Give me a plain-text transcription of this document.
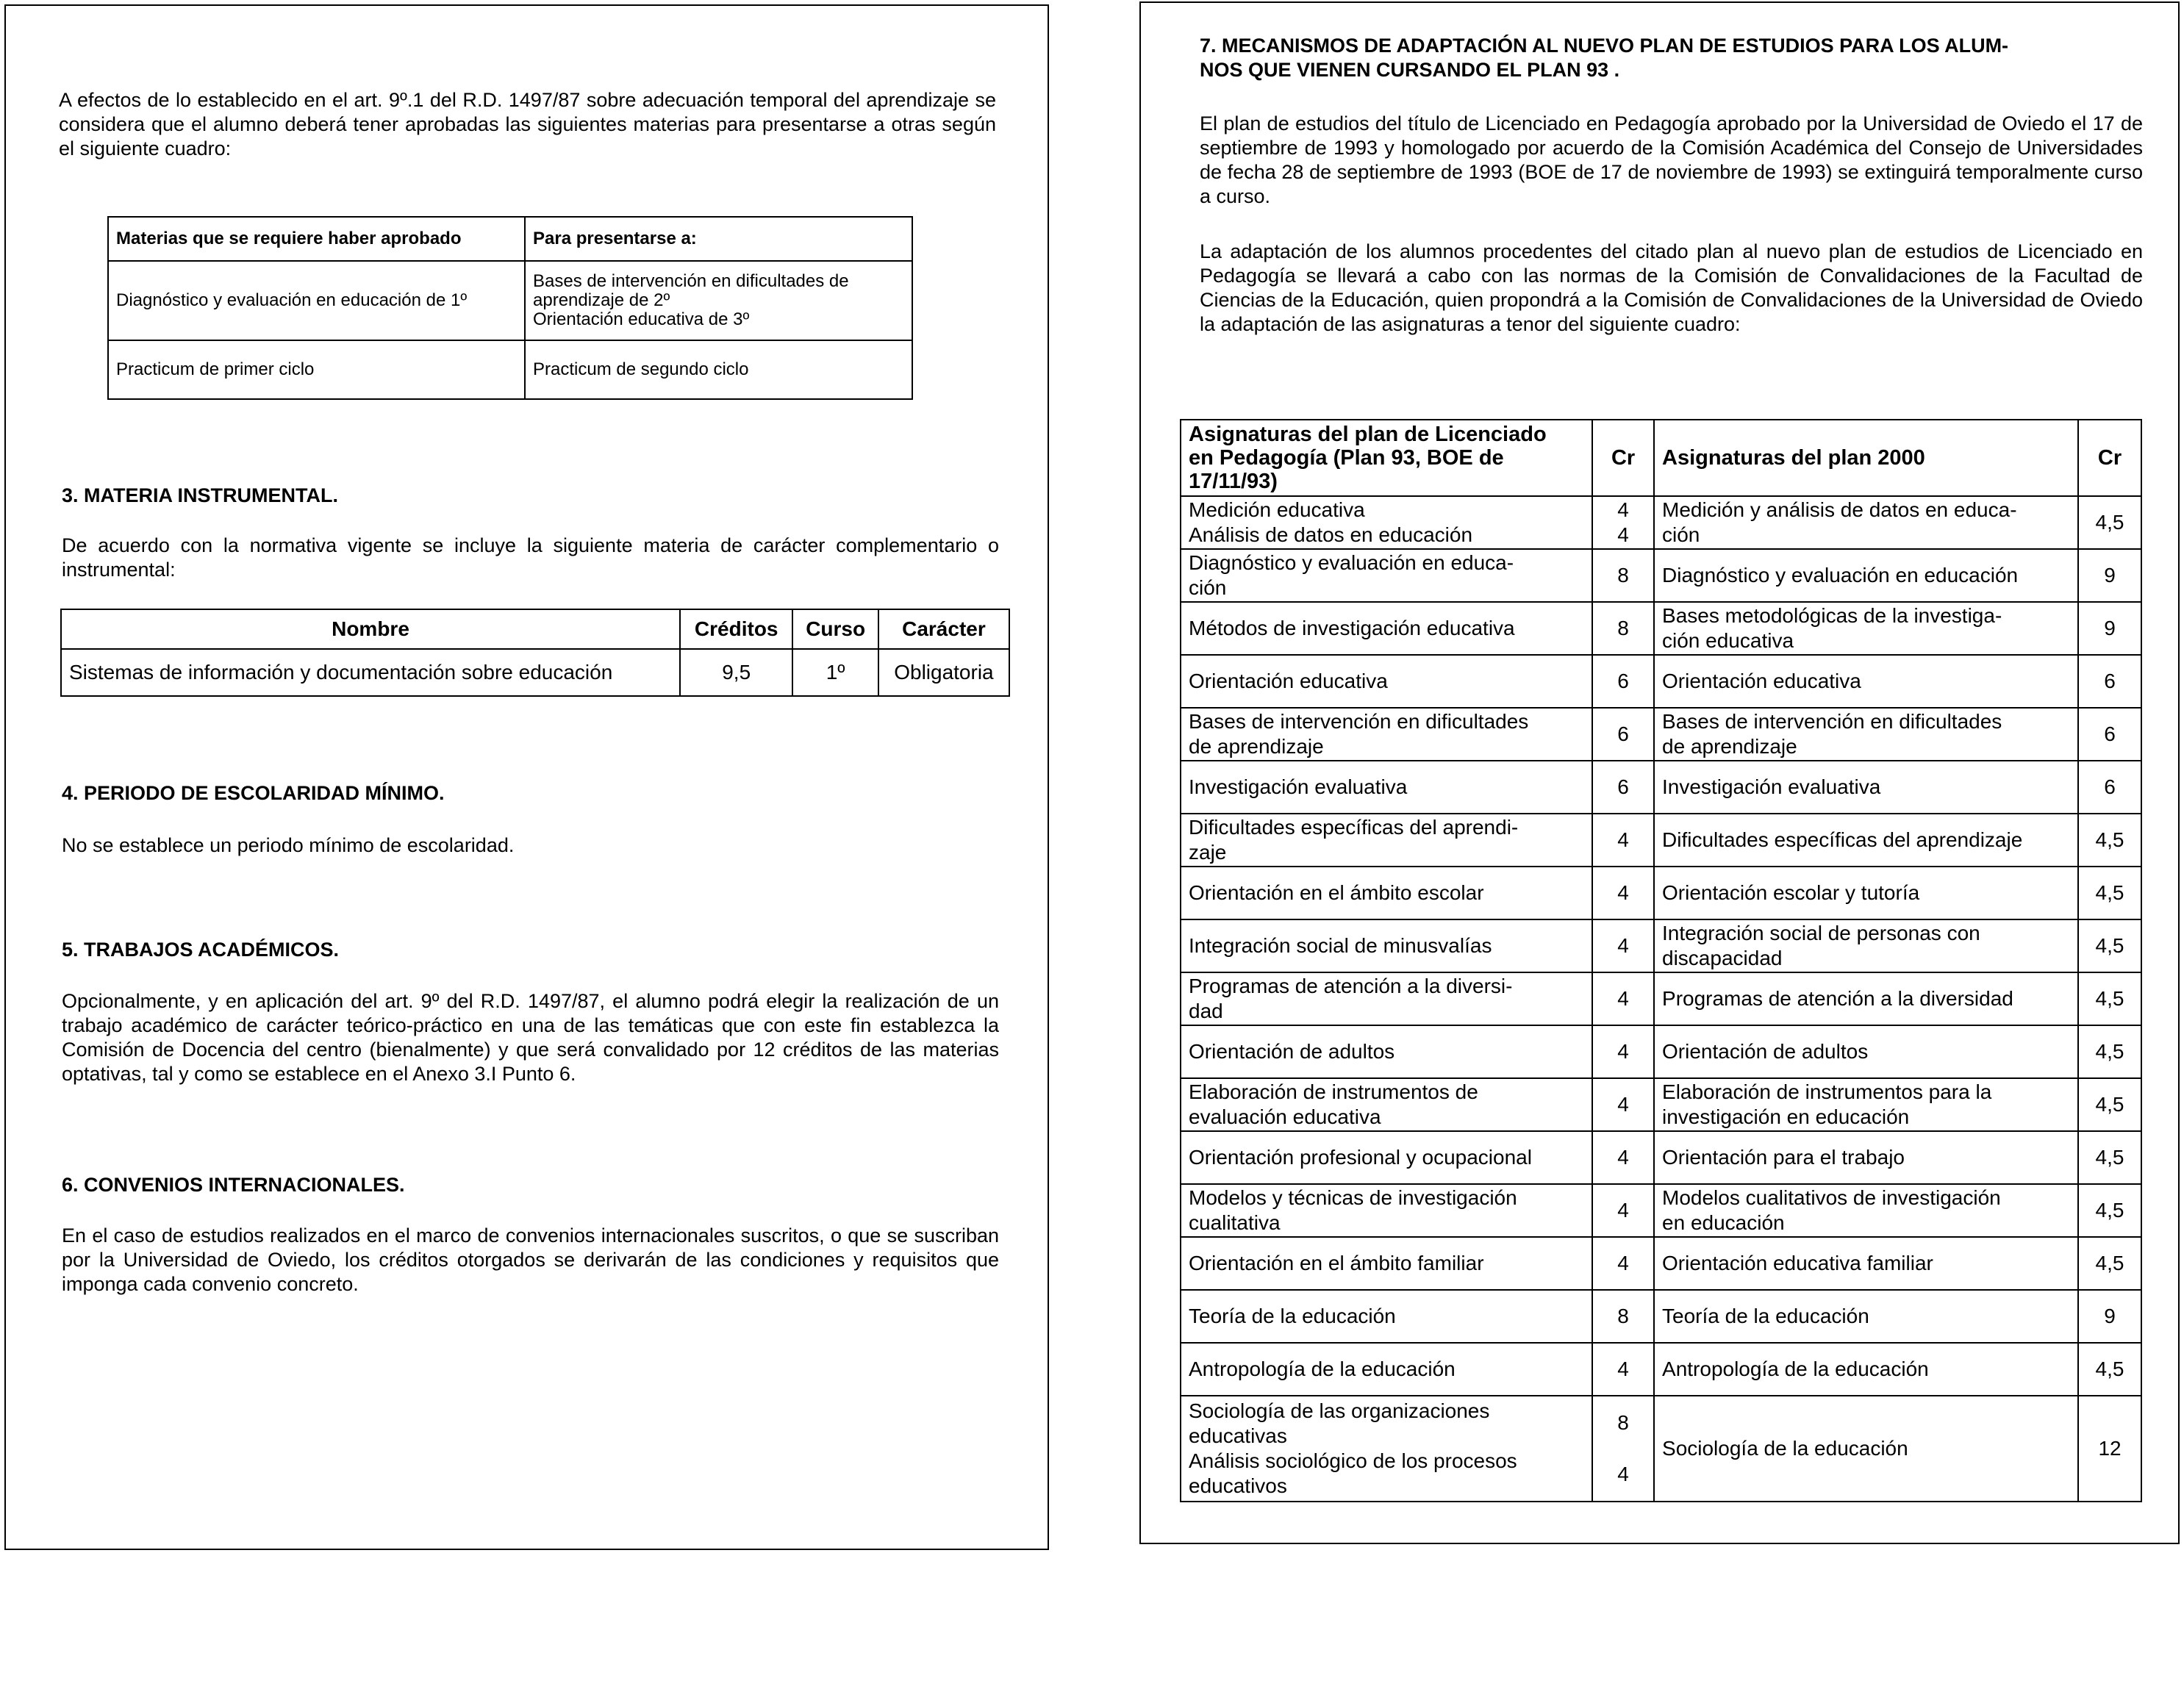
A efectos de lo establecido en el art. 9º.1 del R.D. 1497/87 sobre adecuación temporal del aprendizaje se considera que el alumno deberá tener aprobadas las siguientes materias para presentarse a otras según el siguiente cuadro:

Materias que se requiere haber aprobado	Para presentarse a:
Diagnóstico y evaluación en educación de 1º	Bases de intervención en dificultades de
aprendizaje de 2º
Orientación educativa de 3º

Practicum de primer ciclo	Practicum de segundo ciclo
3. MATERIA INSTRUMENTAL.

De acuerdo con la normativa vigente se incluye la siguiente materia de carácter complementario o instrumental:

Nombre	Créditos	Curso	Carácter
Sistemas de información y documentación sobre educación	9,5	1º	Obligatoria
4. PERIODO DE ESCOLARIDAD MÍNIMO.

No se establece un periodo mínimo de escolaridad.

5. TRABAJOS ACADÉMICOS.

Opcionalmente, y en aplicación del art. 9º del R.D. 1497/87, el alumno podrá elegir la realización de un trabajo académico de carácter teórico-práctico en una de las temáticas que con este fin establezca la Comisión de Docencia del centro (bienalmente) y que será convalidado por 12 créditos de las materias optativas, tal y como se establece en el Anexo 3.I Punto 6.

6. CONVENIOS INTERNACIONALES.

En el caso de estudios realizados en el marco de convenios internacionales suscritos, o que se suscriban por la Universidad de Oviedo, los créditos otorgados se derivarán de las condiciones y requisitos que imponga cada convenio concreto.

7. MECANISMOS DE ADAPTACIÓN AL NUEVO PLAN DE ESTUDIOS PARA LOS ALUM-
NOS QUE VIENEN CURSANDO EL PLAN 93 .

El plan de estudios del título de Licenciado en Pedagogía aprobado por la Universidad de Oviedo el 17 de septiembre de 1993 y homologado por acuerdo de la Comisión Académica del Consejo de Universidades de fecha 28 de septiembre de 1993 (BOE de 17 de noviembre de 1993) se extinguirá temporalmente curso a curso.

La adaptación de los alumnos procedentes del citado plan al nuevo plan de estudios de Licenciado en Pedagogía se llevará a cabo con las normas de la Comisión de Convalidaciones de la Facultad de Ciencias de la Educación, quien propondrá a la Comisión de Convalidaciones de la Universidad de Oviedo la adaptación de las asignaturas a tenor del siguiente cuadro:

Asignaturas del plan de Licenciado
en Pedagogía (Plan 93, BOE de
17/11/93)	Cr	Asignaturas del plan 2000	Cr

Medición educativa
Análisis de datos en educación	4
4	Medición y análisis de datos en educa-
ción	4,5

Diagnóstico y evaluación en educa-
ción	8	Diagnóstico y evaluación en educación	9

Métodos de investigación educativa	8	Bases metodológicas de la investiga-
ción educativa	9

Orientación educativa	6	Orientación educativa	6

Bases de intervención en dificultades
de aprendizaje	6	Bases de intervención en dificultades
de aprendizaje	6

Investigación evaluativa	6	Investigación evaluativa	6

Dificultades específicas del aprendi-
zaje	4	Dificultades específicas del aprendizaje	4,5

Orientación en el ámbito escolar	4	Orientación escolar y tutoría	4,5

Integración social de minusvalías	4	Integración social de personas con
discapacidad	4,5

Programas de atención a la diversi-
dad	4	Programas de atención a la diversidad	4,5

Orientación de adultos	4	Orientación de adultos	4,5

Elaboración de instrumentos de
evaluación educativa	4	Elaboración de instrumentos para la
investigación en educación	4,5

Orientación profesional y ocupacional	4	Orientación para el trabajo	4,5

Modelos y técnicas de investigación
cualitativa	4	Modelos cualitativos de investigación
en educación	4,5

Orientación en el ámbito familiar	4	Orientación educativa familiar	4,5

Teoría de la educación	8	Teoría de la educación	9

Antropología de la educación	4	Antropología de la educación	4,5

Sociología de las organizaciones
educativas
Análisis sociológico de los procesos
educativos	8
4	Sociología de la educación	12
